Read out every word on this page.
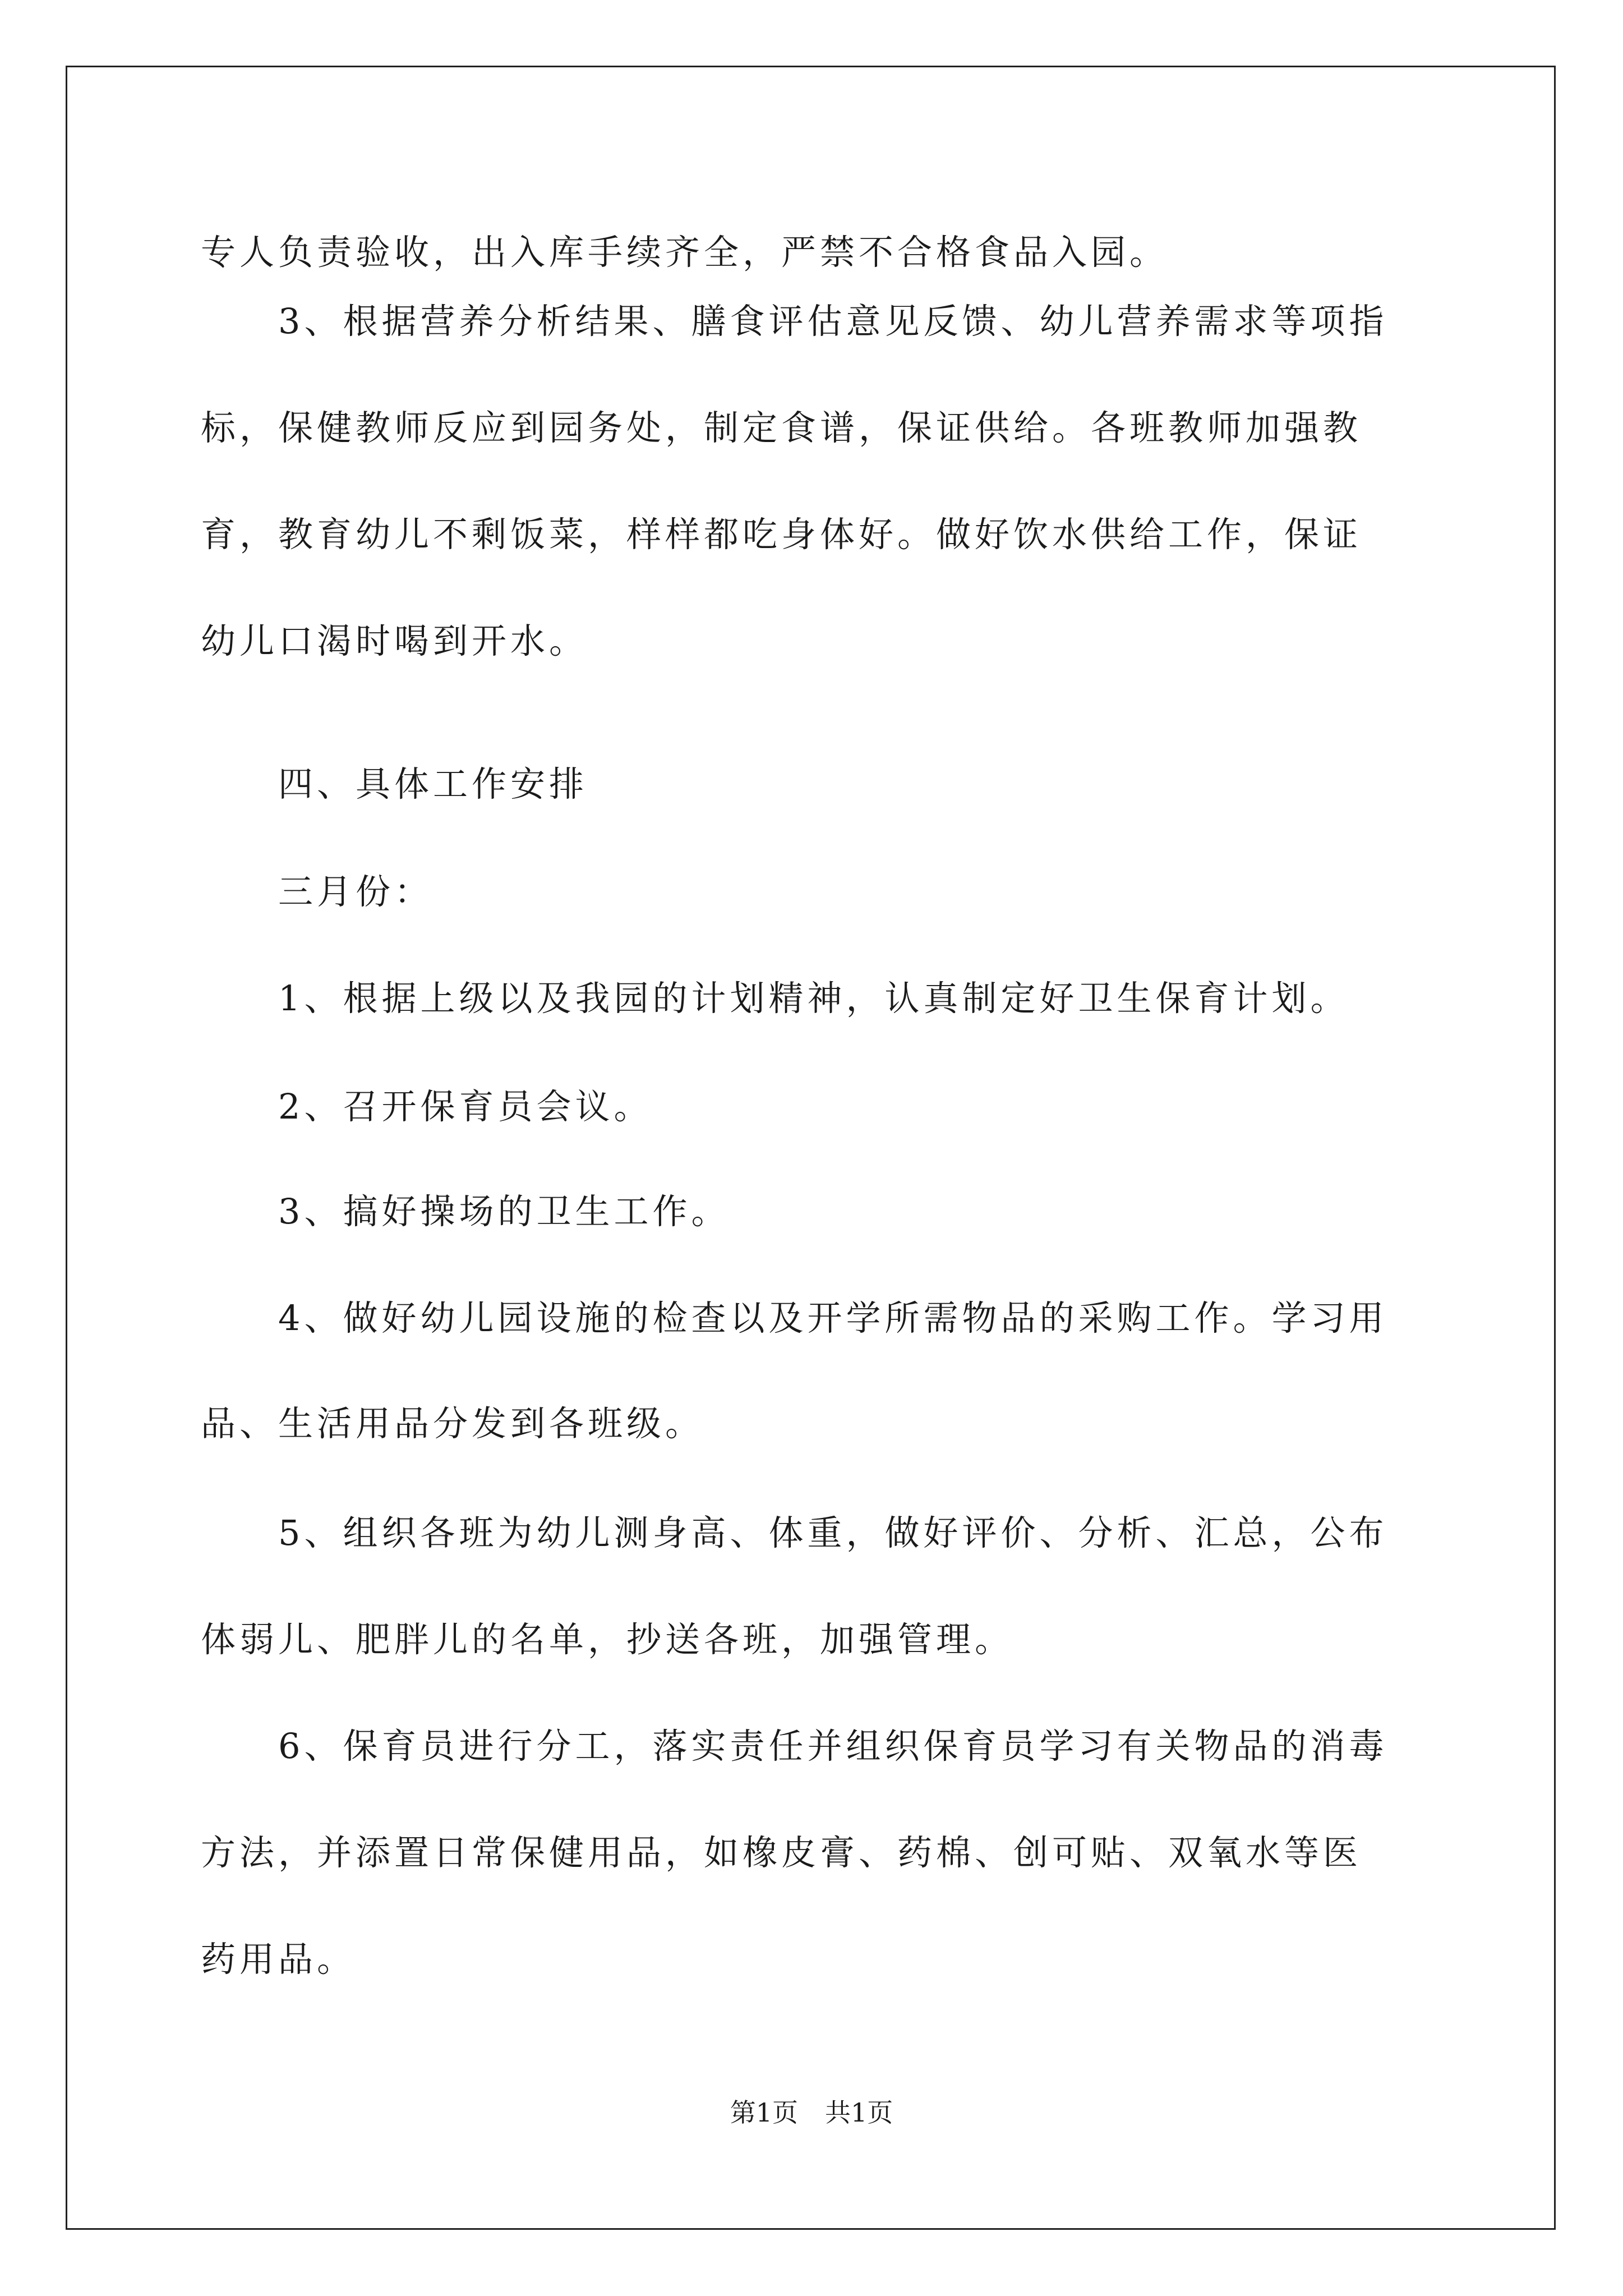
专人负责验收，出入库手续齐全，严禁不合格食品入园。
3、根据营养分析结果、膳食评估意见反馈、幼儿营养需求等项指
标，保健教师反应到园务处，制定食谱，保证供给。各班教师加强教
育，教育幼儿不剩饭菜，样样都吃身体好。做好饮水供给工作，保证
幼儿口渴时喝到开水。
四、具体工作安排
三月份：
1、根据上级以及我园的计划精神，认真制定好卫生保育计划。
2、召开保育员会议。
3、搞好操场的卫生工作。
4、做好幼儿园设施的检查以及开学所需物品的采购工作。学习用
品、生活用品分发到各班级。
5、组织各班为幼儿测身高、体重，做好评价、分析、汇总，公布
体弱儿、肥胖儿的名单，抄送各班，加强管理。
6、保育员进行分工，落实责任并组织保育员学习有关物品的消毒
方法，并添置日常保健用品，如橡皮膏、药棉、创可贴、双氧水等医
药用品。
第1页 共1页
